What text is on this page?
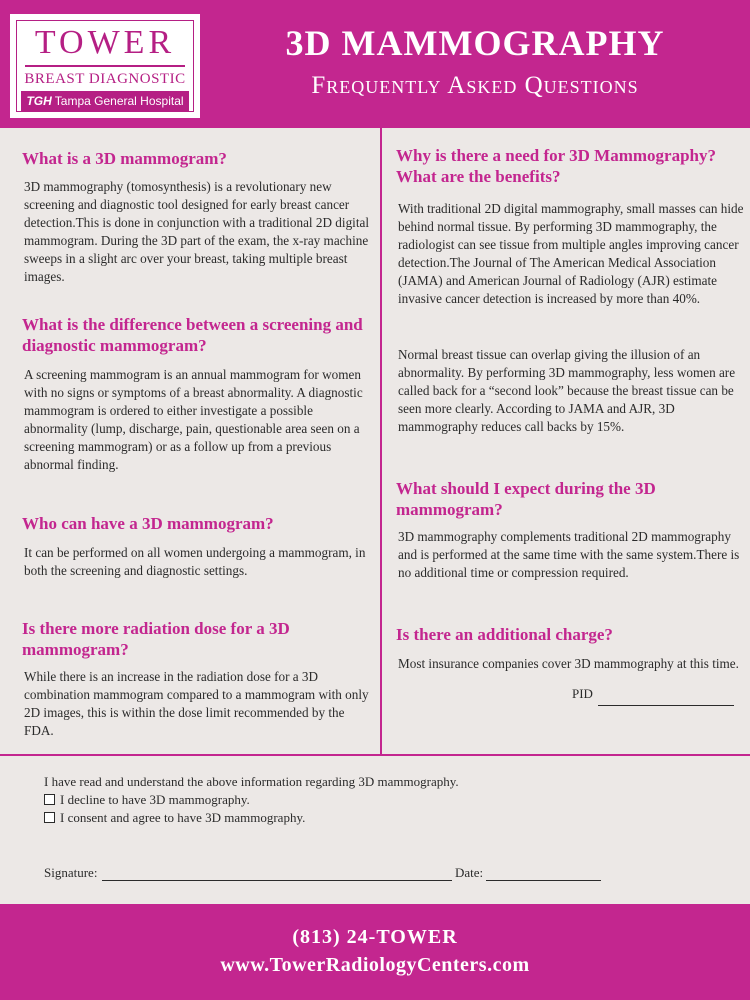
TOWER
BREAST DIAGNOSTIC
TGH Tampa General Hospital
3D MAMMOGRAPHY
Frequently Asked Questions
What is a 3D mammogram?

3D mammography (tomosynthesis) is a revolutionary new screening and diagnostic tool designed for early breast cancer detection.This is done in conjunction with a traditional 2D digital mammogram. During the 3D part of the exam, the x-ray machine sweeps in a slight arc over your breast, taking multiple breast images.

What is the difference between a screening and diagnostic mammogram?

A screening mammogram is an annual mammogram for women with no signs or symptoms of a breast abnormality. A diagnostic mammogram is ordered to either investigate a possible abnormality (lump, discharge, pain, questionable area seen on a screening mammogram) or as a follow up from a previous abnormal finding.

Who can have a 3D mammogram?

It can be performed on all women undergoing a mammogram, in both the screening and diagnostic settings.

Is there more radiation dose for a 3D mammogram?

While there is an increase in the radiation dose for a 3D combination mammogram compared to a mammogram with only 2D images, this is within the dose limit recommended by the FDA.

Why is there a need for 3D Mammography? What are the benefits?

With traditional 2D digital mammography, small masses can hide behind normal tissue. By performing 3D mammography, the radiologist can see tissue from multiple angles improving cancer detection.The Journal of The American Medical Association (JAMA) and American Journal of Radiology (AJR) estimate invasive cancer detection is increased by more than 40%.

Normal breast tissue can overlap giving the illusion of an abnormality. By performing 3D mammography, less women are called back for a “second look” because the breast tissue can be seen more clearly. According to JAMA and AJR, 3D mammography reduces call backs by 15%.

What should I expect during the 3D mammogram?

3D mammography complements traditional 2D mammography and is performed at the same time with the same system.There is no additional time or compression required.

Is there an additional charge?

Most insurance companies cover 3D mammography at this time.

PID
I have read and understand the above information regarding 3D mammography.
I decline to have 3D mammography.
I consent and agree to have 3D mammography.
Signature:	Date:
(813) 24-TOWER
www.TowerRadiologyCenters.com
